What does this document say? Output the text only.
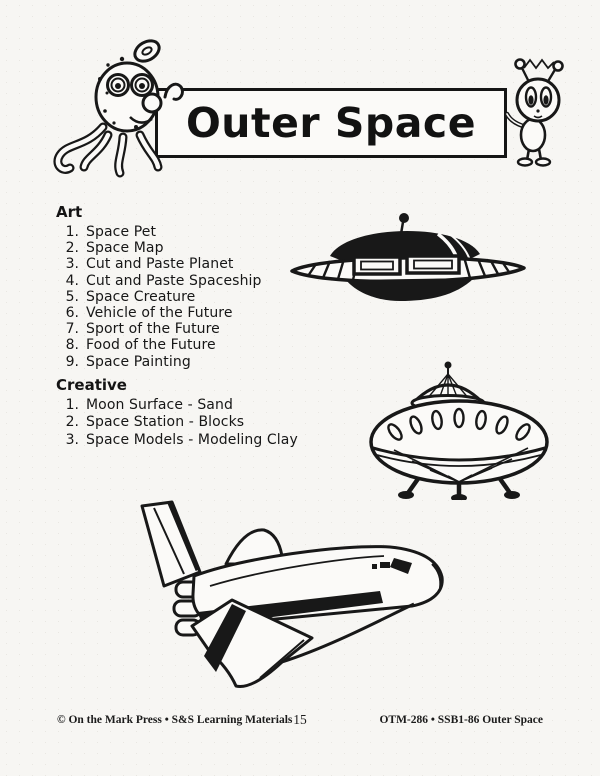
Outer Space
Art
1. Space Pet
2. Space Map
3. Cut and Paste Planet
4. Cut and Paste Spaceship
5. Space Creature
6. Vehicle of the Future
7. Sport of the Future
8. Food of the Future
9. Space Painting
Creative
1. Moon Surface - Sand
2. Space Station - Blocks
3. Space Models - Modeling Clay
© On the Mark Press • S&S Learning Materials	OTM-286 • SSB1-86 Outer Space
15
